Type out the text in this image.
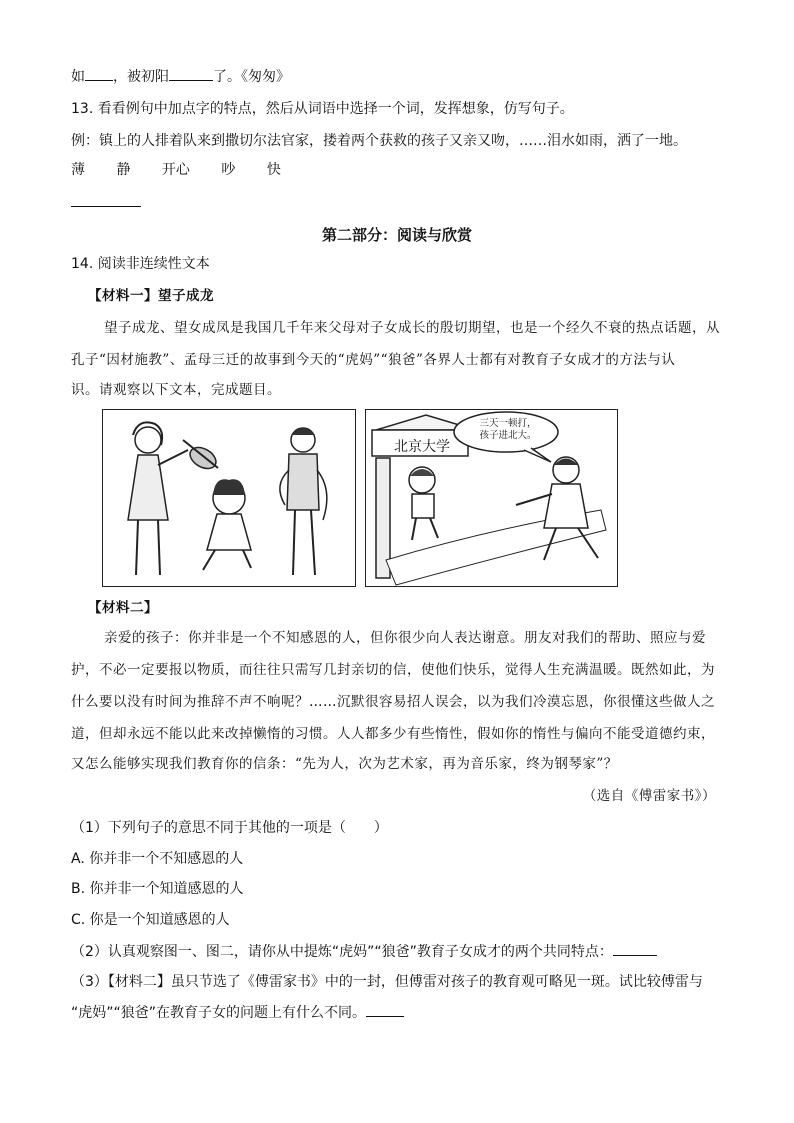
如 ，被初阳	了。《匆匆》
13. 看看例句中加点字的特点，然后从词语中选择一个词，发挥想象，仿写句子。
例：镇上的人排着队来到撒切尔法官家，搂着两个获救的孩子又亲又吻，……泪水如雨，洒了一地。
薄 静 开心 吵 快
第二部分：阅读与欣赏
14. 阅读非连续性文本
【材料一】望子成龙
望子成龙、望女成凤是我国几千年来父母对子女成长的殷切期望，也是一个经久不衰的热点话题，从
孔子“因材施教”、孟母三迁的故事到今天的“虎妈”“狼爸”各界人士都有对教育子女成才的方法与认
识。请观察以下文本，完成题目。
北京大学
三天一顿打，
孩子进北大。
【材料二】
亲爱的孩子：你并非是一个不知感恩的人，但你很少向人表达谢意。朋友对我们的帮助、照应与爱
护，不必一定要报以物质，而往往只需写几封亲切的信，使他们快乐，觉得人生充满温暖。既然如此，为
什么要以没有时间为推辞不声不响呢？……沉默很容易招人误会，以为我们冷漠忘恩，你很懂这些做人之
道，但却永远不能以此来改掉懒惰的习惯。人人都多少有些惰性，假如你的惰性与偏向不能受道德约束，
又怎么能够实现我们教育你的信条：“先为人，次为艺术家，再为音乐家，终为钢琴家”？
（选自《傅雷家书》）
（1）下列句子的意思不同于其他的一项是（　　）
A. 你并非一个不知感恩的人
B. 你并非一个知道感恩的人
C. 你是一个知道感恩的人
（2）认真观察图一、图二，请你从中提炼“虎妈”“狼爸”教育子女成才的两个共同特点：
（3）【材料二】虽只节选了《傅雷家书》中的一封，但傅雷对孩子的教育观可略见一斑。试比较傅雷与
“虎妈”“狼爸”在教育子女的问题上有什么不同。
